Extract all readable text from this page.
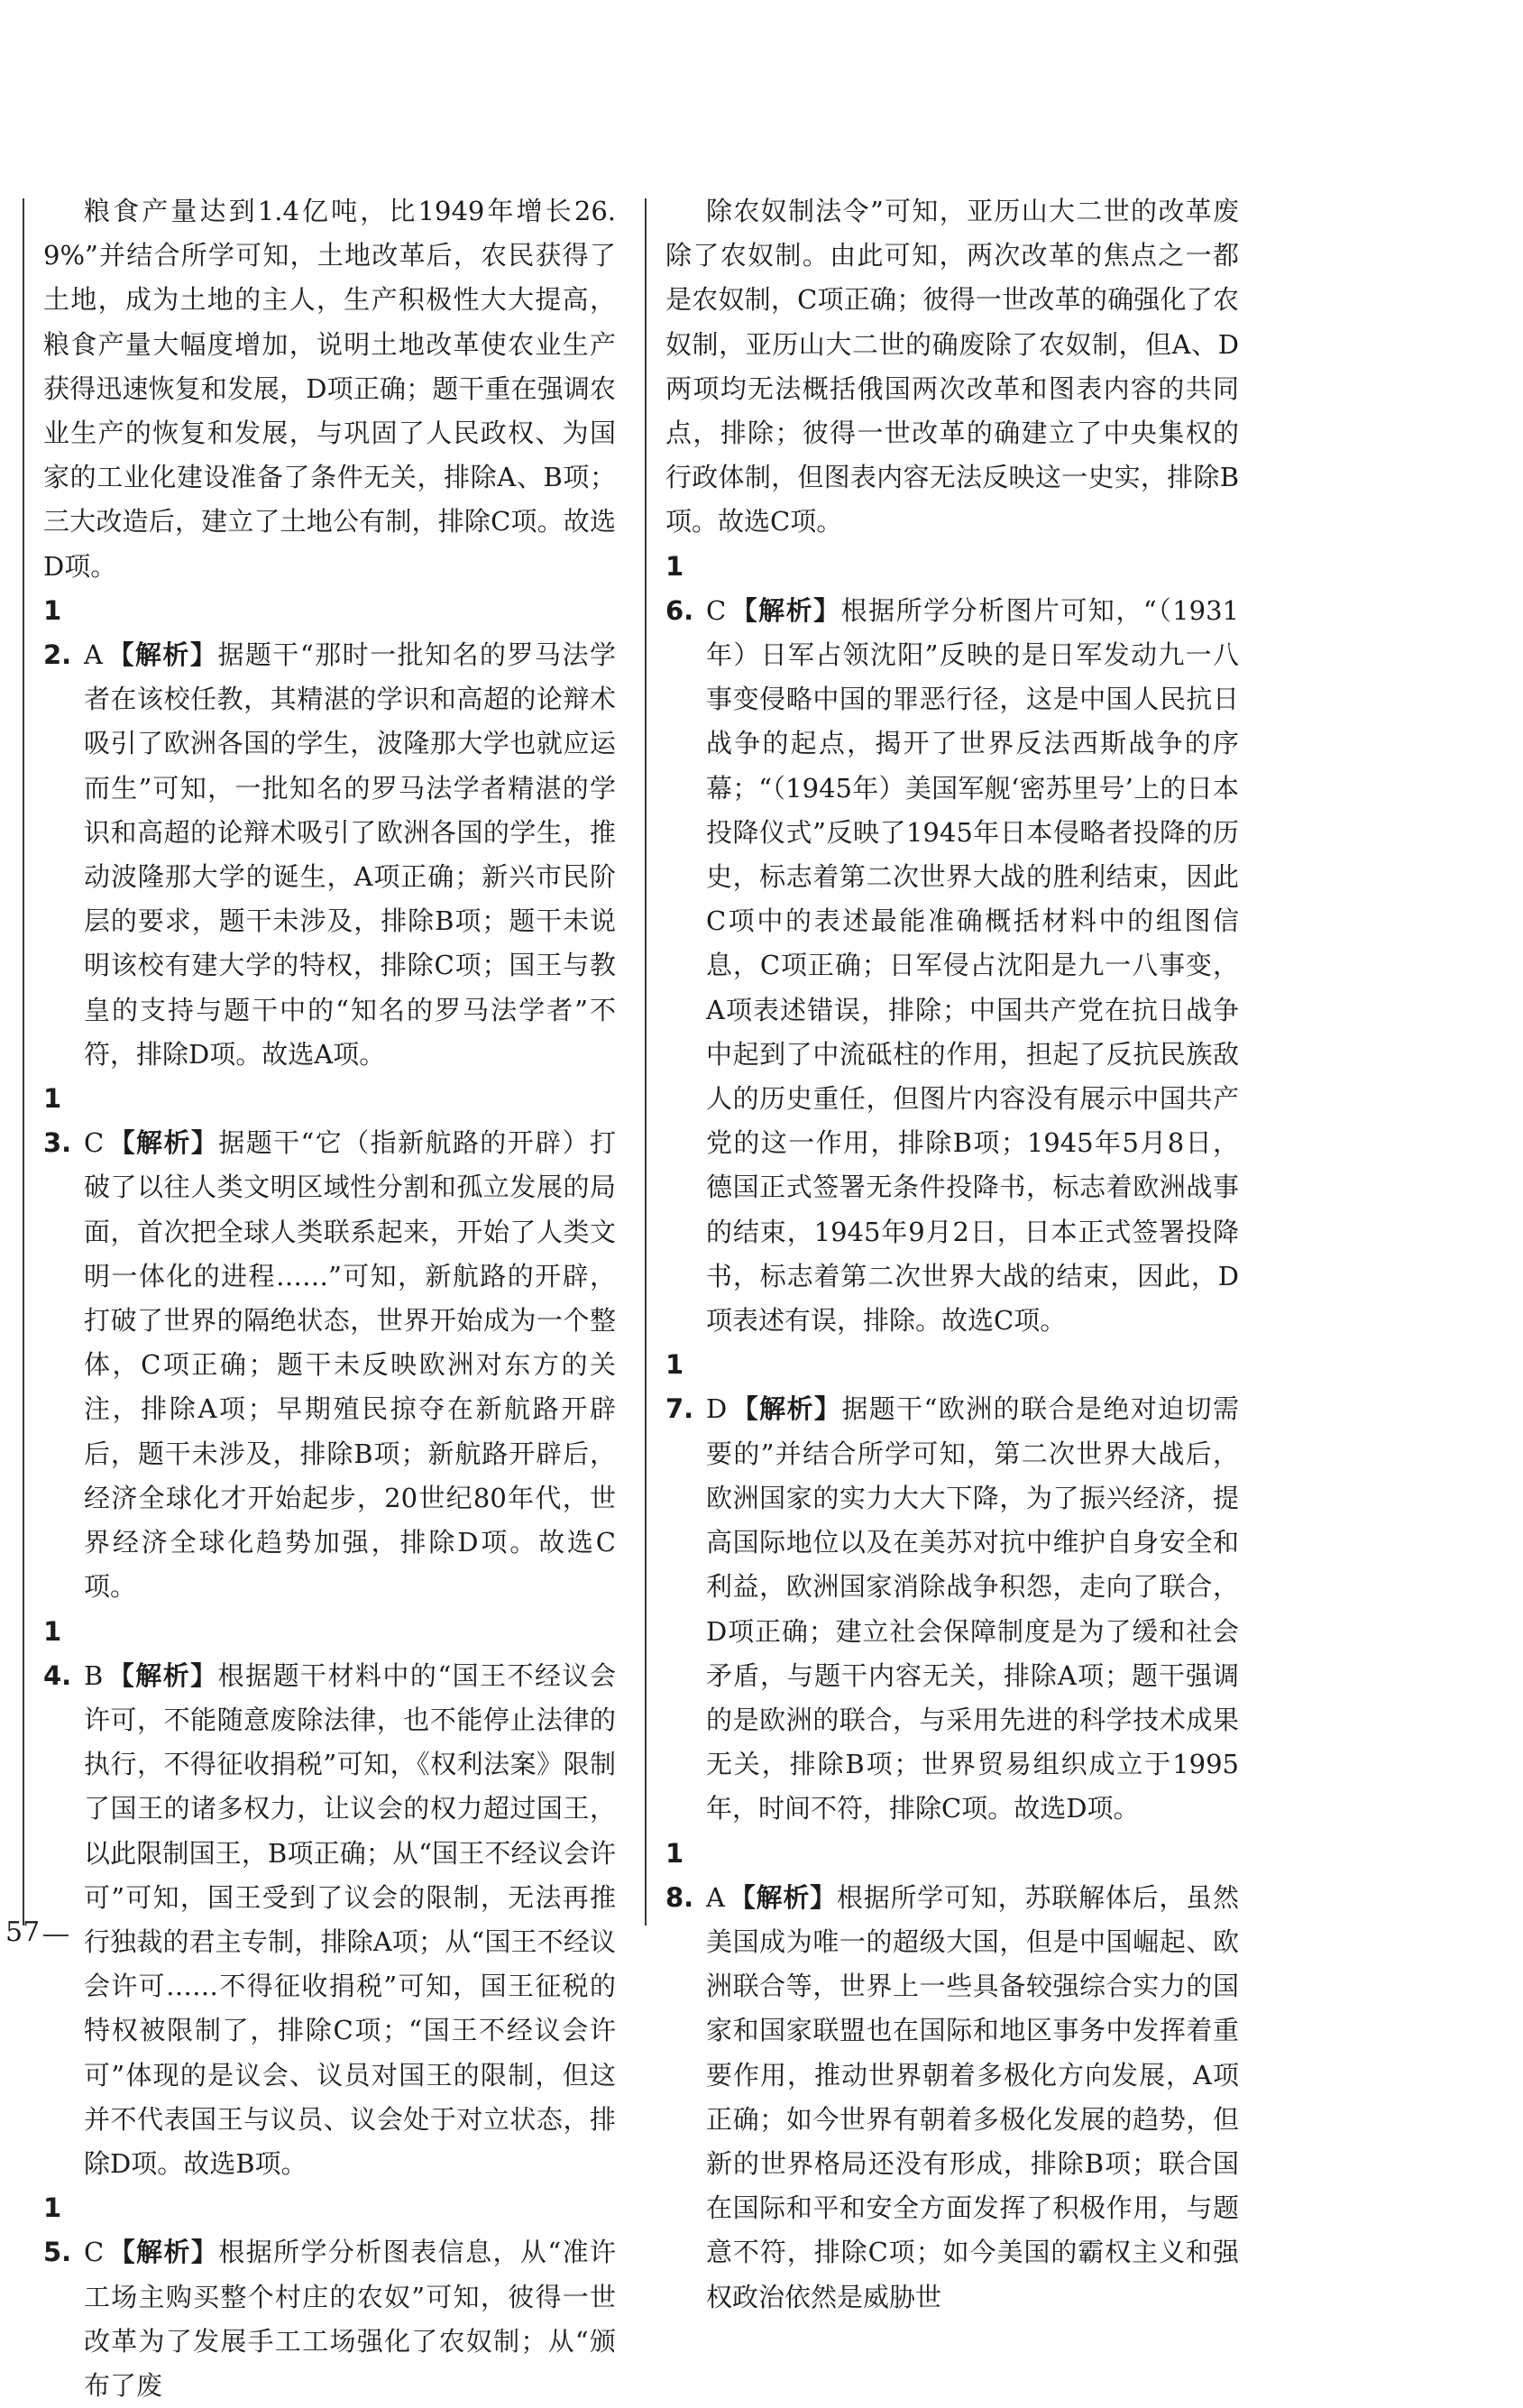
粮食产量达到1.4亿吨，比1949年增长26.9%”并结合所学可知，土地改革后，农民获得了土地，成为土地的主人，生产积极性大大提高，粮食产量大幅度增加，说明土地改革使农业生产获得迅速恢复和发展，D项正确；题干重在强调农业生产的恢复和发展，与巩固了人民政权、为国家的工业化建设准备了条件无关，排除A、B项；三大改造后，建立了土地公有制，排除C项。故选D项。
12. A 【解析】据题干“那时一批知名的罗马法学者在该校任教，其精湛的学识和高超的论辩术吸引了欧洲各国的学生，波隆那大学也就应运而生”可知，一批知名的罗马法学者精湛的学识和高超的论辩术吸引了欧洲各国的学生，推动波隆那大学的诞生，A项正确；新兴市民阶层的要求，题干未涉及，排除B项；题干未说明该校有建大学的特权，排除C项；国王与教皇的支持与题干中的“知名的罗马法学者”不符，排除D项。故选A项。
13. C 【解析】据题干“它（指新航路的开辟）打破了以往人类文明区域性分割和孤立发展的局面，首次把全球人类联系起来，开始了人类文明一体化的进程……”可知，新航路的开辟，打破了世界的隔绝状态，世界开始成为一个整体，C项正确；题干未反映欧洲对东方的关注，排除A项；早期殖民掠夺在新航路开辟后，题干未涉及，排除B项；新航路开辟后，经济全球化才开始起步，20世纪80年代，世界经济全球化趋势加强，排除D项。故选C项。
14. B 【解析】根据题干材料中的“国王不经议会许可，不能随意废除法律，也不能停止法律的执行，不得征收捐税”可知，《权利法案》限制了国王的诸多权力，让议会的权力超过国王，以此限制国王，B项正确；从“国王不经议会许可”可知，国王受到了议会的限制，无法再推行独裁的君主专制，排除A项；从“国王不经议会许可……不得征收捐税”可知，国王征税的特权被限制了，排除C项；“国王不经议会许可”体现的是议会、议员对国王的限制，但这并不代表国王与议员、议会处于对立状态，排除D项。故选B项。
15. C 【解析】根据所学分析图表信息，从“准许工场主购买整个村庄的农奴”可知，彼得一世改革为了发展手工工场强化了农奴制；从“颁布了废
除农奴制法令”可知，亚历山大二世的改革废除了农奴制。由此可知，两次改革的焦点之一都是农奴制，C项正确；彼得一世改革的确强化了农奴制，亚历山大二世的确废除了农奴制，但A、D两项均无法概括俄国两次改革和图表内容的共同点，排除；彼得一世改革的确建立了中央集权的行政体制，但图表内容无法反映这一史实，排除B项。故选C项。
16. C 【解析】根据所学分析图片可知，“（1931年）日军占领沈阳”反映的是日军发动九一八事变侵略中国的罪恶行径，这是中国人民抗日战争的起点，揭开了世界反法西斯战争的序幕；“（1945年）美国军舰‘密苏里号’上的日本投降仪式”反映了1945年日本侵略者投降的历史，标志着第二次世界大战的胜利结束，因此C项中的表述最能准确概括材料中的组图信息，C项正确；日军侵占沈阳是九一八事变，A项表述错误，排除；中国共产党在抗日战争中起到了中流砥柱的作用，担起了反抗民族敌人的历史重任，但图片内容没有展示中国共产党的这一作用，排除B项；1945年5月8日，德国正式签署无条件投降书，标志着欧洲战事的结束，1945年9月2日，日本正式签署投降书，标志着第二次世界大战的结束，因此，D项表述有误，排除。故选C项。
17. D 【解析】据题干“欧洲的联合是绝对迫切需要的”并结合所学可知，第二次世界大战后，欧洲国家的实力大大下降，为了振兴经济，提高国际地位以及在美苏对抗中维护自身安全和利益，欧洲国家消除战争积怨，走向了联合，D项正确；建立社会保障制度是为了缓和社会矛盾，与题干内容无关，排除A项；题干强调的是欧洲的联合，与采用先进的科学技术成果无关，排除B项；世界贸易组织成立于1995年，时间不符，排除C项。故选D项。
18. A 【解析】根据所学可知，苏联解体后，虽然美国成为唯一的超级大国，但是中国崛起、欧洲联合等，世界上一些具备较强综合实力的国家和国家联盟也在国际和地区事务中发挥着重要作用，推动世界朝着多极化方向发展，A项正确；如今世界有朝着多极化发展的趋势，但新的世界格局还没有形成，排除B项；联合国在国际和平和安全方面发挥了积极作用，与题意不符，排除C项；如今美国的霸权主义和强权政治依然是威胁世
57
